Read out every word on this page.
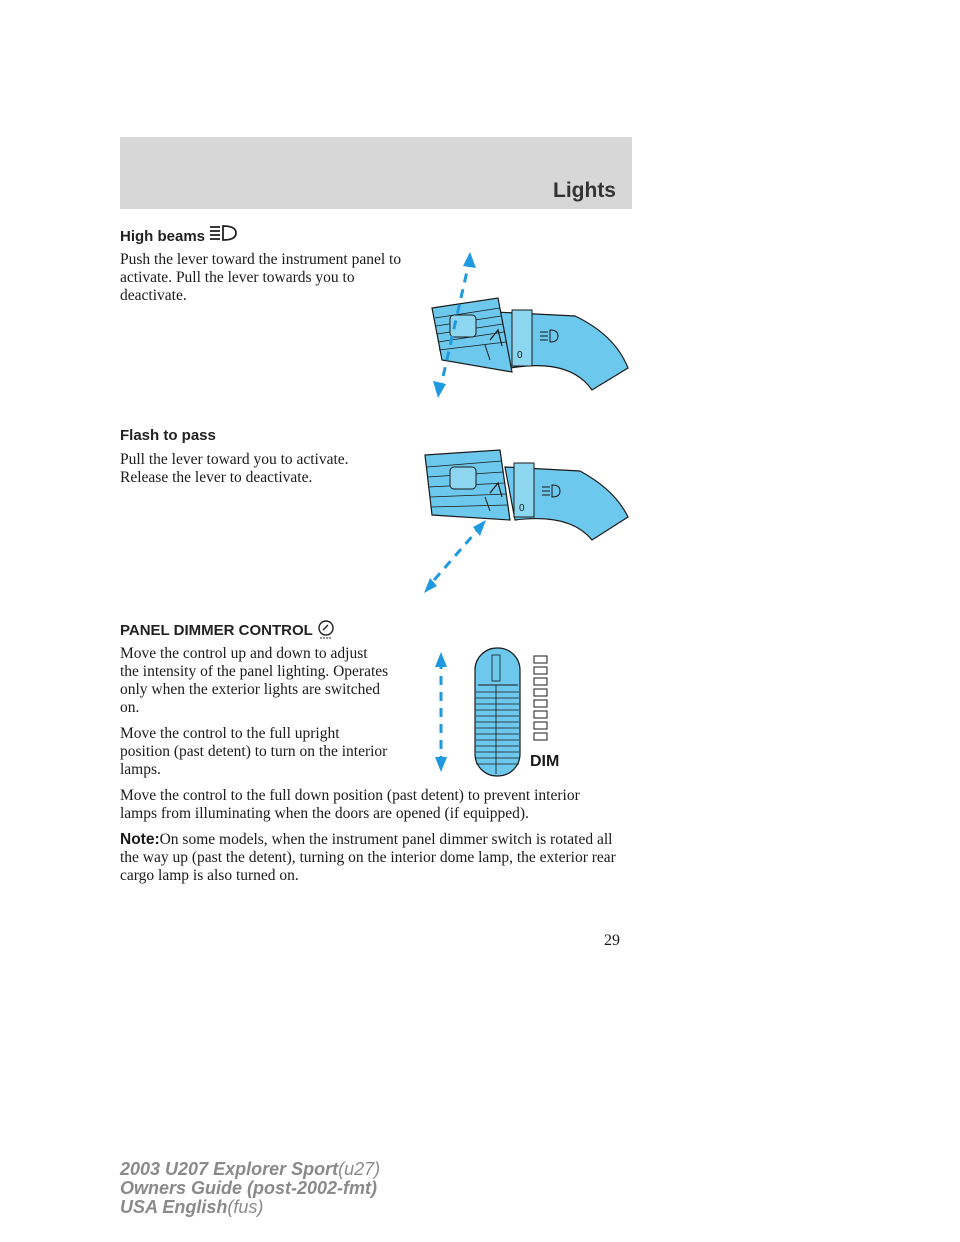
Lights
High beams

Push the lever toward the instrument panel to activate. Pull the lever towards you to deactivate.

0
Flash to pass

Pull the lever toward you to activate. Release the lever to deactivate.

0
PANEL DIMMER CONTROL

Move the control up and down to adjust the intensity of the panel lighting. Operates only when the exterior lights are switched on.

Move the control to the full upright position (past detent) to turn on the interior lamps.

Move the control to the full down position (past detent) to prevent interior lamps from illuminating when the doors are opened (if equipped).

Note:On some models, when the instrument panel dimmer switch is rotated all the way up (past the detent), turning on the interior dome lamp, the exterior rear cargo lamp is also turned on.

DIM
29
2003 U207 Explorer Sport(u27)
Owners Guide (post-2002-fmt)
USA English(fus)
